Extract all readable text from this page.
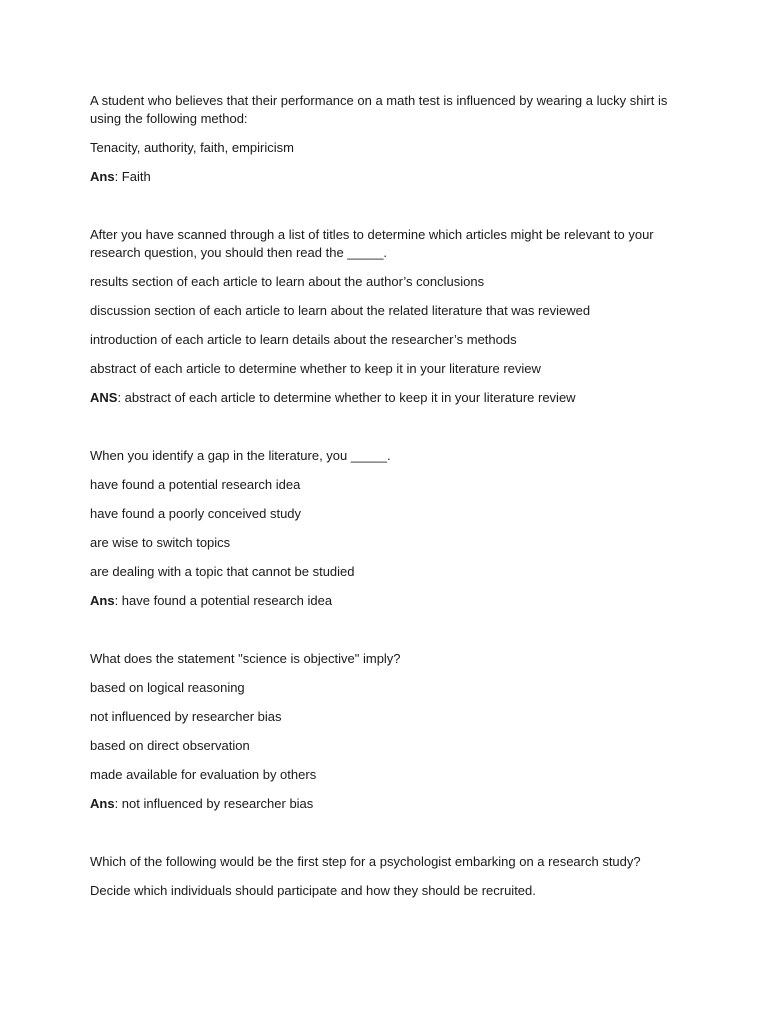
A student who believes that their performance on a math test is influenced by wearing a lucky shirt is using the following method:

Tenacity, authority, faith, empiricism

Ans: Faith

After you have scanned through a list of titles to determine which articles might be relevant to your research question, you should then read the _____.

results section of each article to learn about the author’s conclusions

discussion section of each article to learn about the related literature that was reviewed

introduction of each article to learn details about the researcher’s methods

abstract of each article to determine whether to keep it in your literature review

ANS: abstract of each article to determine whether to keep it in your literature review

When you identify a gap in the literature, you _____.

have found a potential research idea

have found a poorly conceived study

are wise to switch topics

are dealing with a topic that cannot be studied

Ans: have found a potential research idea

What does the statement "science is objective" imply?

based on logical reasoning

not influenced by researcher bias

based on direct observation

made available for evaluation by others

Ans: not influenced by researcher bias

Which of the following would be the first step for a psychologist embarking on a research study?

Decide which individuals should participate and how they should be recruited.
